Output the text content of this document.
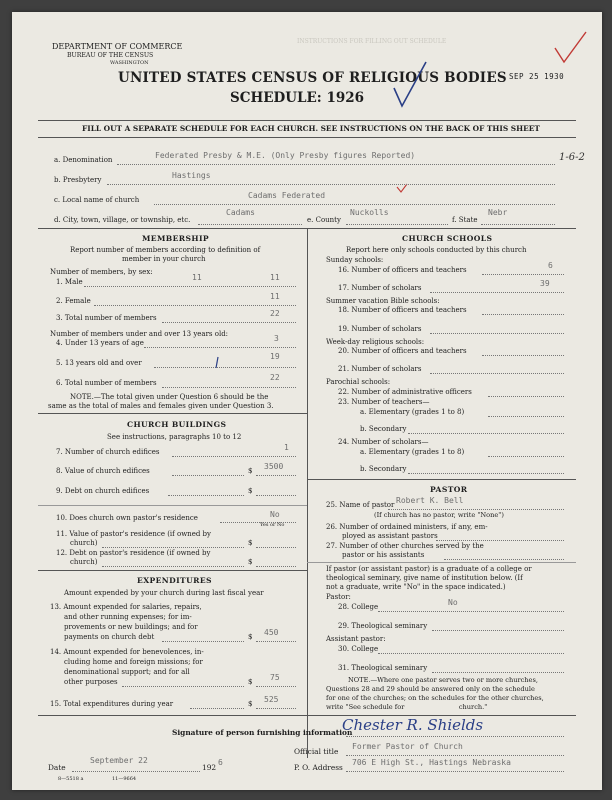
DEPARTMENT OF COMMERCE
BUREAU OF THE CENSUS
WASHINGTON
INSTRUCTIONS FOR FILLING OUT SCHEDULE
UNITED STATES CENSUS OF RELIGIOUS BODIES
SCHEDULE: 1926
SEP 25 1930
FILL OUT A SEPARATE SCHEDULE FOR EACH CHURCH. SEE INSTRUCTIONS ON THE BACK OF THIS SHEET
a. Denomination	Federated Presby & M.E. (Only Presby figures Reported)	1-6-2
b. Presbytery	Hastings
c. Local name of church	Cadams Federated
d. City, town, village, or township, etc.
Cadams
e. County
Nuckolls
f. State
Nebr
MEMBERSHIP
Report number of members according to definition of
member in your church
Number of members, by sex:
1. Male	11	11
2. Female	11
3. Total number of members	22
Number of members under and over 13 years old:
4. Under 13 years of age	3
5. 13 years old and over
19
6. Total number of members
22
NOTE.—The total given under Question 6 should be the
same as the total of males and females given under Question 3.
CHURCH BUILDINGS
See instructions, paragraphs 10 to 12
7. Number of church edifices	1
8. Value of church edifices	$ 3500
9. Debt on church edifices	$
10. Does church own pastor's residence	No
Yes or No
11. Value of pastor's residence (if owned by
church)	$
12. Debt on pastor's residence (if owned by
church)	$
EXPENDITURES
Amount expended by your church during last fiscal year
13. Amount expended for salaries, repairs,
and other running expenses; for im-
provements or new buildings; and for
payments on church debt	$ 450
14. Amount expended for benevolences, in-
cluding home and foreign missions; for
denominational support; and for all
other purposes	$ 75
15. Total expenditures during year	$ 525
CHURCH SCHOOLS
Report here only schools conducted by this church
Sunday schools:
16. Number of officers and teachers	6
17. Number of scholars	39
Summer vacation Bible schools:
18. Number of officers and teachers
19. Number of scholars
Week-day religious schools:
20. Number of officers and teachers
21. Number of scholars
Parochial schools:
22. Number of administrative officers
23. Number of teachers—
a. Elementary (grades 1 to 8)
b. Secondary
24. Number of scholars—
a. Elementary (grades 1 to 8)
b. Secondary
PASTOR
25. Name of pastor Robert K. Bell
(If church has no pastor, write "None")
26. Number of ordained ministers, if any, em-
ployed as assistant pastors
27. Number of other churches served by the
pastor or his assistants
If pastor (or assistant pastor) is a graduate of a college or
theological seminary, give name of institution below. (If
not a graduate, write "No" in the space indicated.)
Pastor:
28. College	No
29. Theological seminary
Assistant pastor:
30. College
31. Theological seminary
NOTE.—Where one pastor serves two or more churches,
Questions 28 and 29 should be answered only on the schedule
for one of the churches; on the schedules for the other churches,
write "See schedule for                          church."
Signature of person furnishing information
Chester R. Shields
Official title
Former Pastor of Church
Date
September 22
192
6
P. O. Address
706 E High St., Hastings Nebraska
8—5518 a	11—9664
